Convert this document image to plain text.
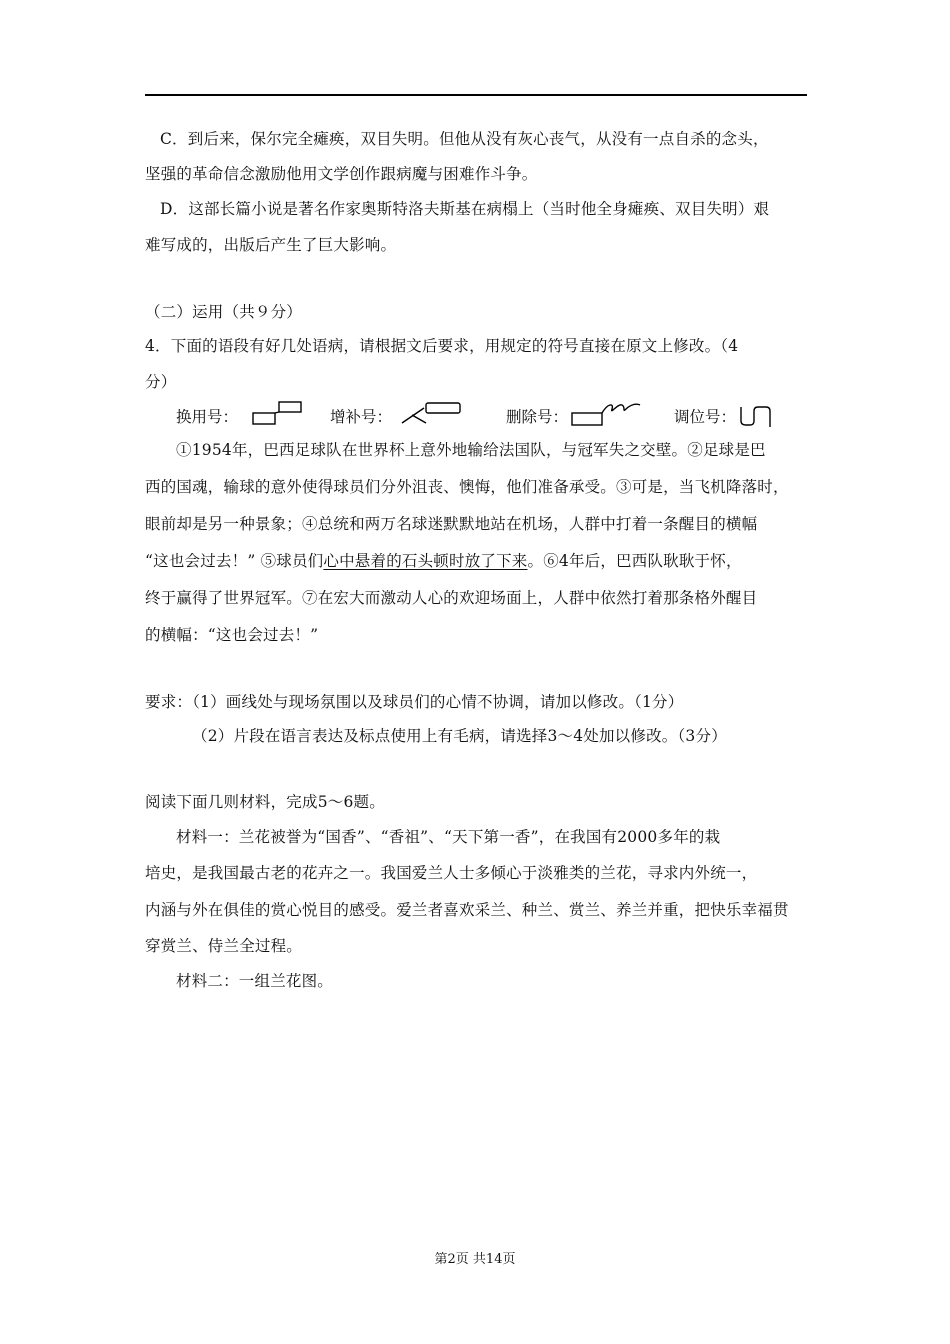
C．到后来，保尔完全瘫痪，双目失明。但他从没有灰心丧气，从没有一点自杀的念头，
坚强的革命信念激励他用文学创作跟病魔与困难作斗争。
D．这部长篇小说是著名作家奥斯特洛夫斯基在病榻上（当时他全身瘫痪、双目失明）艰
难写成的，出版后产生了巨大影响。
（二）运用（共９分）
4．下面的语段有好几处语病，请根据文后要求，用规定的符号直接在原文上修改。（4
分）
换用号：	增补号：	删除号：	调位号：
①1954年，巴西足球队在世界杯上意外地输给法国队，与冠军失之交壁。②足球是巴
西的国魂，输球的意外使得球员们分外沮丧、懊悔，他们准备承受。③可是，当飞机降落时，
眼前却是另一种景象；④总统和两万名球迷默默地站在机场，人群中打着一条醒目的横幅
“这也会过去！” ⑤球员们心中悬着的石头顿时放了下来。⑥4年后，巴西队耿耿于怀，
终于赢得了世界冠军。⑦在宏大而激动人心的欢迎场面上，人群中依然打着那条格外醒目
的横幅：“这也会过去！”
要求：（1）画线处与现场氛围以及球员们的心情不协调，请加以修改。（1分）
（2）片段在语言表达及标点使用上有毛病，请选择3～4处加以修改。（3分）
阅读下面几则材料，完成5～6题。
材料一：兰花被誉为“国香”、“香祖”、“天下第一香”，在我国有2000多年的栽
培史，是我国最古老的花卉之一。我国爱兰人士多倾心于淡雅类的兰花，寻求内外统一，
内涵与外在俱佳的赏心悦目的感受。爱兰者喜欢采兰、种兰、赏兰、养兰并重，把快乐幸福贯
穿赏兰、侍兰全过程。
材料二：一组兰花图。
第2页 共14页
